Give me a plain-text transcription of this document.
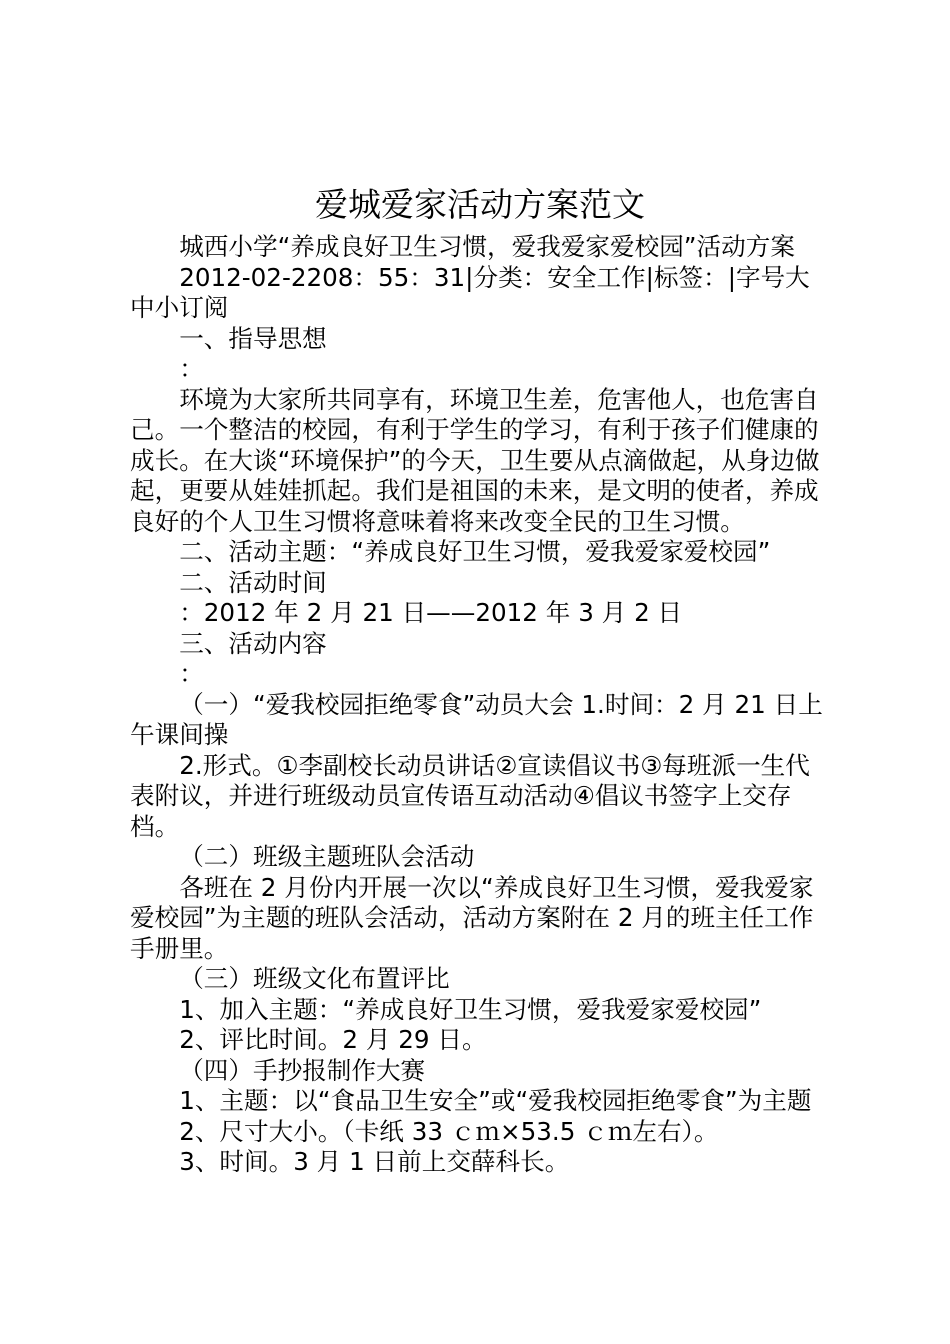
爱城爱家活动方案范文

城西小学“养成良好卫生习惯，爱我爱家爱校园”活动方案

2012-02-2208：55：31|分类：安全工作|标签：|字号大中小订阅

一、指导思想

：

环境为大家所共同享有，环境卫生差，危害他人，也危害自己。一个整洁的校园，有利于学生的学习，有利于孩子们健康的成长。在大谈“环境保护”的今天，卫生要从点滴做起，从身边做起，更要从娃娃抓起。我们是祖国的未来，是文明的使者，养成良好的个人卫生习惯将意味着将来改变全民的卫生习惯。

二、活动主题：“养成良好卫生习惯，爱我爱家爱校园”

二、活动时间

：2012 年 2 月 21 日——2012 年 3 月 2 日

三、活动内容

：

（一）“爱我校园拒绝零食”动员大会 1.时间：2 月 21 日上午课间操

2.形式。①李副校长动员讲话②宣读倡议书③每班派一生代表附议，并进行班级动员宣传语互动活动④倡议书签字上交存档。

（二）班级主题班队会活动

各班在 2 月份内开展一次以“养成良好卫生习惯，爱我爱家爱校园”为主题的班队会活动，活动方案附在 2 月的班主任工作手册里。

（三）班级文化布置评比

1、加入主题：“养成良好卫生习惯，爱我爱家爱校园”

2、评比时间。2 月 29 日。

（四）手抄报制作大赛

1、主题：以“食品卫生安全”或“爱我校园拒绝零食”为主题

2、尺寸大小。（卡纸 33 ｃｍ×53.5 ｃｍ左右）。

3、时间。3 月 1 日前上交薛科长。
